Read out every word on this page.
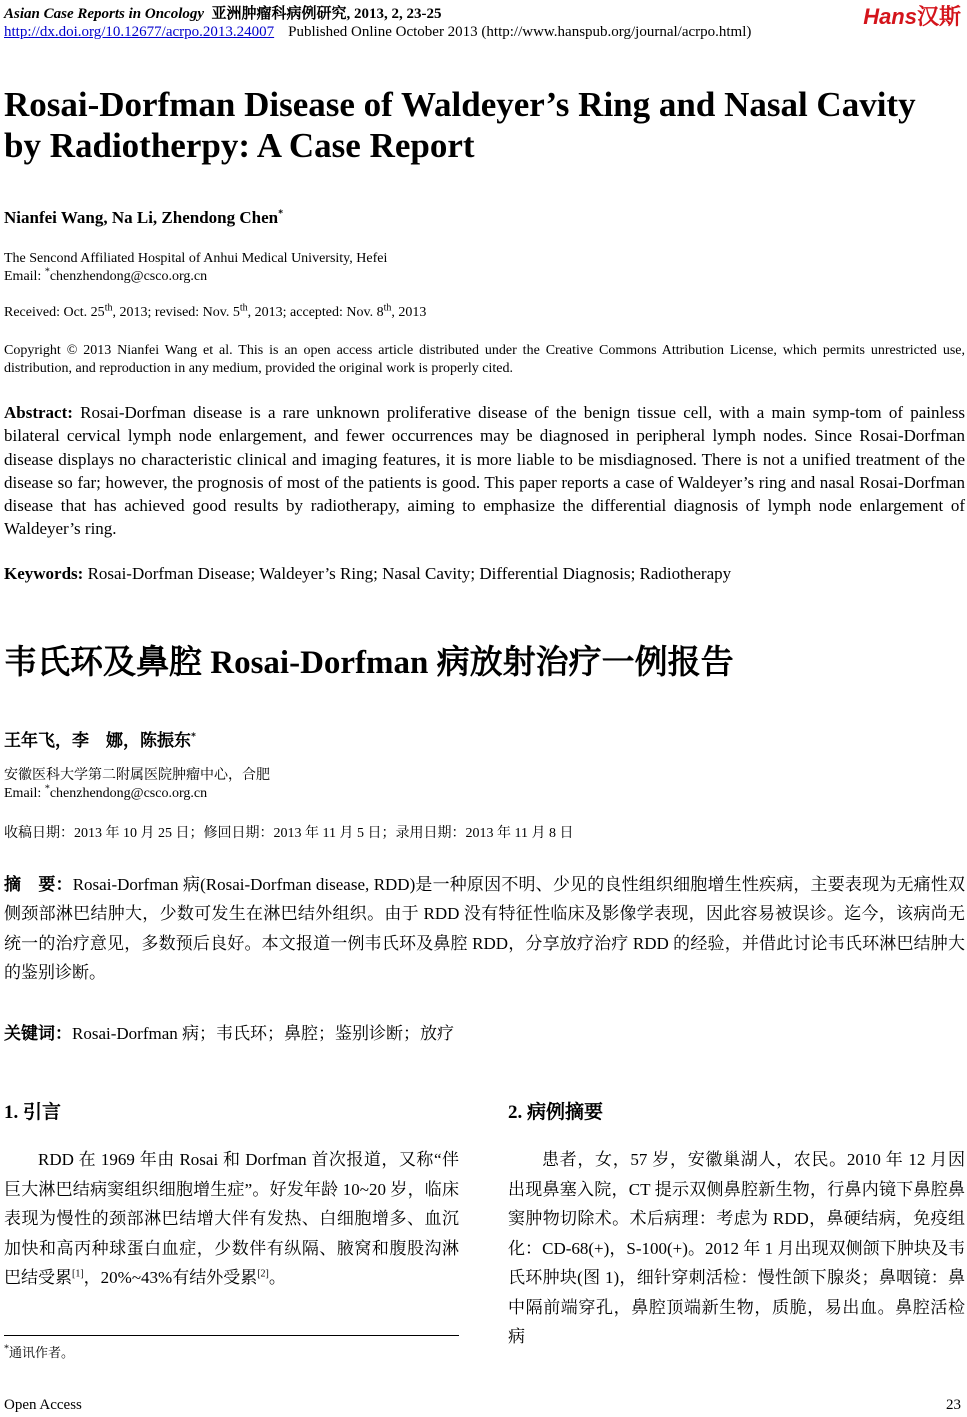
Asian Case Reports in Oncology 亚洲肿瘤科病例研究, 2013, 2, 23-25
http://dx.doi.org/10.12677/acrpo.2013.24007 Published Online October 2013 (http://www.hanspub.org/journal/acrpo.html)
Hans汉斯
Rosai-Dorfman Disease of Waldeyer’s Ring and Nasal Cavity by Radiotherpy: A Case Report
Nianfei Wang, Na Li, Zhendong Chen*
The Sencond Affiliated Hospital of Anhui Medical University, Hefei
Email: *chenzhendong@csco.org.cn
Received: Oct. 25th, 2013; revised: Nov. 5th, 2013; accepted: Nov. 8th, 2013
Copyright © 2013 Nianfei Wang et al. This is an open access article distributed under the Creative Commons Attribution License, which permits unrestricted use, distribution, and reproduction in any medium, provided the original work is properly cited.
Abstract: Rosai-Dorfman disease is a rare unknown proliferative disease of the benign tissue cell, with a main symp-tom of painless bilateral cervical lymph node enlargement, and fewer occurrences may be diagnosed in peripheral lymph nodes. Since Rosai-Dorfman disease displays no characteristic clinical and imaging features, it is more liable to be misdiagnosed. There is not a unified treatment of the disease so far; however, the prognosis of most of the patients is good. This paper reports a case of Waldeyer’s ring and nasal Rosai-Dorfman disease that has achieved good results by radiotherapy, aiming to emphasize the differential diagnosis of lymph node enlargement of Waldeyer’s ring.
Keywords: Rosai-Dorfman Disease; Waldeyer’s Ring; Nasal Cavity; Differential Diagnosis; Radiotherapy
韦氏环及鼻腔 Rosai-Dorfman 病放射治疗一例报告
王年飞，李　娜，陈振东*
安徽医科大学第二附属医院肿瘤中心，合肥
Email: *chenzhendong@csco.org.cn
收稿日期：2013 年 10 月 25 日；修回日期：2013 年 11 月 5 日；录用日期：2013 年 11 月 8 日
摘　要：Rosai-Dorfman 病(Rosai-Dorfman disease, RDD)是一种原因不明、少见的良性组织细胞增生性疾病，主要表现为无痛性双侧颈部淋巴结肿大，少数可发生在淋巴结外组织。由于 RDD 没有特征性临床及影像学表现，因此容易被误诊。迄今，该病尚无统一的治疗意见，多数预后良好。本文报道一例韦氏环及鼻腔 RDD，分享放疗治疗 RDD 的经验，并借此讨论韦氏环淋巴结肿大的鉴别诊断。
关键词：Rosai-Dorfman 病；韦氏环；鼻腔；鉴别诊断；放疗
1. 引言	2. 病例摘要
RDD 在 1969 年由 Rosai 和 Dorfman 首次报道，又称“伴巨大淋巴结病窦组织细胞增生症”。好发年龄 10~20 岁，临床表现为慢性的颈部淋巴结增大伴有发热、白细胞增多、血沉加快和高丙种球蛋白血症，少数伴有纵隔、腋窝和腹股沟淋巴结受累[1]，20%~43%有结外受累[2]。
患者，女，57 岁，安徽巢湖人，农民。2010 年 12 月因出现鼻塞入院，CT 提示双侧鼻腔新生物，行鼻内镜下鼻腔鼻窦肿物切除术。术后病理：考虑为 RDD，鼻硬结病，免疫组化：CD-68(+)，S-100(+)。2012 年 1 月出现双侧颌下肿块及韦氏环肿块(图 1)，细针穿刺活检：慢性颌下腺炎；鼻咽镜：鼻中隔前端穿孔，鼻腔顶端新生物，质脆，易出血。鼻腔活检病
*通讯作者。
Open Access	23
